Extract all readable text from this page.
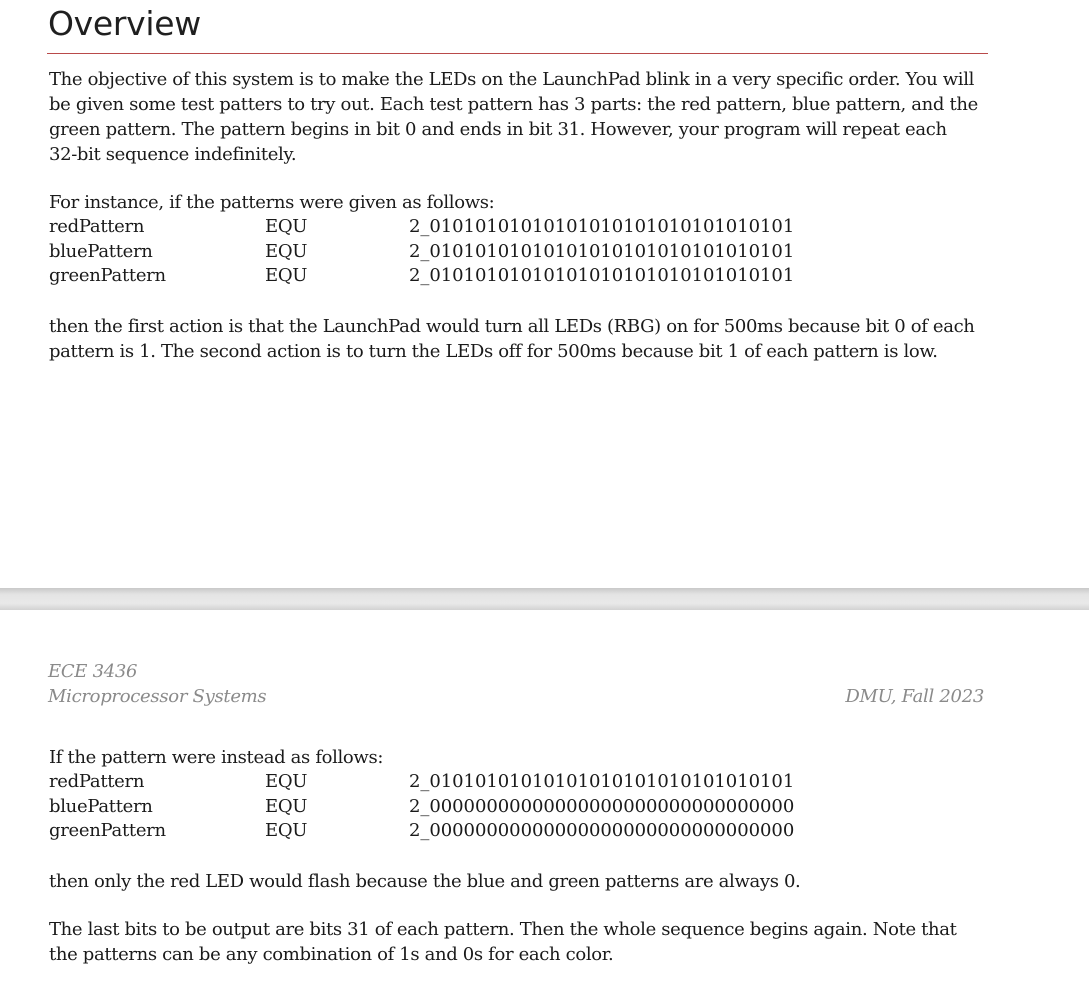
Overview

The objective of this system is to make the LEDs on the LaunchPad blink in a very specific order. You will
be given some test patters to try out. Each test pattern has 3 parts: the red pattern, blue pattern, and the
green pattern. The pattern begins in bit 0 and ends in bit 31. However, your program will repeat each
32-bit sequence indefinitely.

For instance, if the patterns were given as follows:

redPattern	EQU	2_01010101010101010101010101010101
bluePattern	EQU	2_01010101010101010101010101010101
greenPattern	EQU	2_01010101010101010101010101010101

then the first action is that the LaunchPad would turn all LEDs (RBG) on for 500ms because bit 0 of each
pattern is 1. The second action is to turn the LEDs off for 500ms because bit 1 of each pattern is low.

ECE 3436
Microprocessor Systems	DMU, Fall 2023

If the pattern were instead as follows:

redPattern	EQU	2_01010101010101010101010101010101
bluePattern	EQU	2_00000000000000000000000000000000
greenPattern	EQU	2_00000000000000000000000000000000

then only the red LED would flash because the blue and green patterns are always 0.

The last bits to be output are bits 31 of each pattern. Then the whole sequence begins again. Note that
the patterns can be any combination of 1s and 0s for each color.
